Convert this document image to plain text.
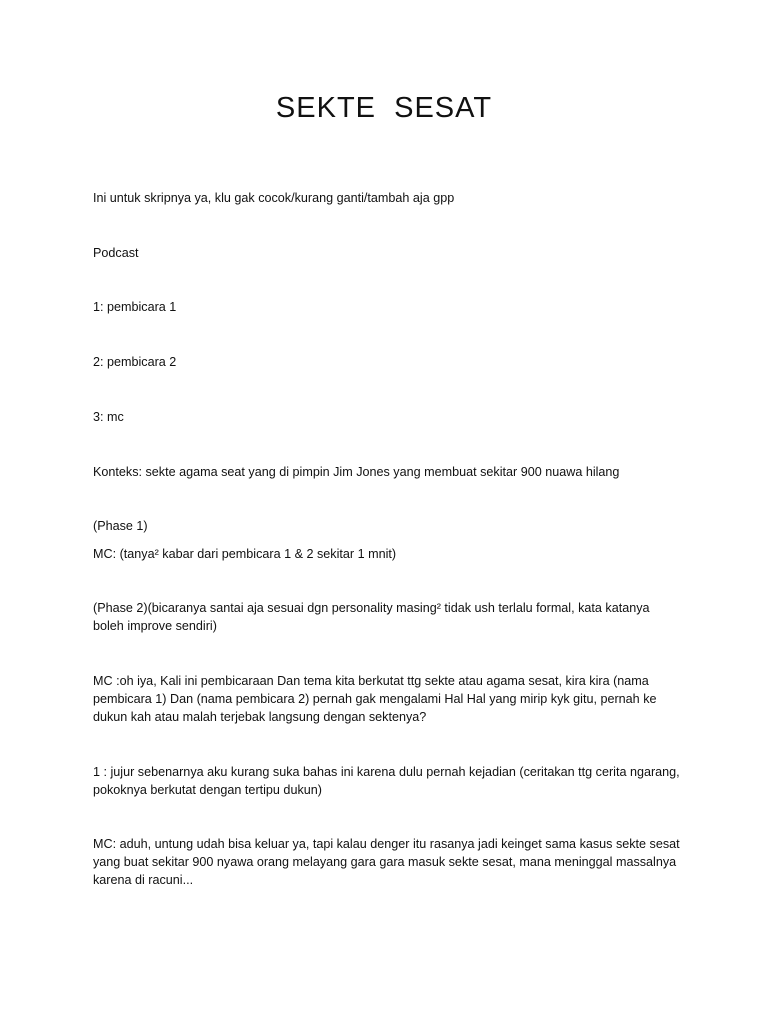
SEKTE  SESAT
Ini untuk skripnya ya, klu gak cocok/kurang ganti/tambah aja gpp
Podcast
1: pembicara 1
2: pembicara 2
3: mc
Konteks: sekte agama seat yang di pimpin Jim Jones yang membuat sekitar 900 nuawa hilang
(Phase 1)
MC: (tanya² kabar dari pembicara 1 & 2 sekitar 1 mnit)
(Phase 2)(bicaranya santai aja sesuai dgn personality masing² tidak ush terlalu formal, kata katanya boleh improve sendiri)
MC :oh iya, Kali ini pembicaraan Dan tema kita berkutat ttg sekte atau agama sesat, kira kira (nama pembicara 1) Dan (nama pembicara 2) pernah gak mengalami Hal Hal yang mirip kyk gitu, pernah ke dukun kah atau malah terjebak langsung dengan sektenya?
1 : jujur sebenarnya aku kurang suka bahas ini karena dulu pernah kejadian (ceritakan ttg cerita ngarang, pokoknya berkutat dengan tertipu dukun)
MC: aduh, untung udah bisa keluar ya, tapi kalau denger itu rasanya jadi keinget sama kasus sekte sesat yang buat sekitar 900 nyawa orang melayang gara gara masuk sekte sesat, mana meninggal massalnya karena di racuni...
